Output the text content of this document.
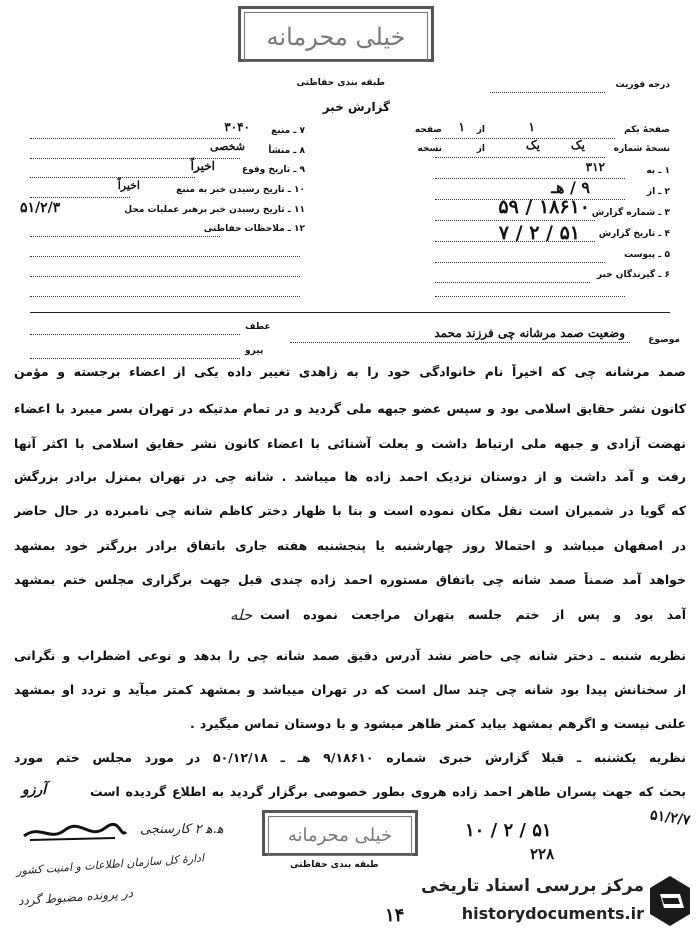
خیلی محرمانه
طبقه بندی حفاظتی
گزارش خبر
درجه فوریت
صفحهٔ یکم
۱
از
۱
صفحه
نسخهٔ شماره
یک
از	یک
نسخه
۱ ـ به
۳۱۲
۲ ـ از
۹ / هـ
۳ ـ شماره گزارش
۱۸۶۱۰ / ۵۹
۴ ـ تاریخ گزارش
۵۱ / ۲ / ۷
۵ ـ پیوست
۶ ـ گیرندگان خبر
۷ ـ منبع
۳۰۴۰
۸ ـ منشأ
شخصی
۹ ـ تاریخ وقوع
اخیراً
۱۰ ـ تاریخ رسیدن خبر به منبع
اخیراً
۱۱ ـ تاریخ رسیدن خبر برهبر عملیات محل
۵۱/۲/۳
۱۲ ـ ملاحظات حفاظتی
موضوع
وضعیت صمد مرشانه چی فرزند محمد
عطف
پیرو
صمد مرشانه چی که اخیراً نام خانوادگی خود را به زاهدی تغییر داده یکی از اعضاء برجسته و مؤمن
کانون نشر حقایق اسلامی بود و سپس عضو جبهه ملی گردید و در تمام مدتیکه در تهران بسر میبرد با اعضاء
نهضت آزادی و جبهه ملی ارتباط داشت و بعلت آشنائی با اعضاء کانون نشر حقایق اسلامی با اکثر آنها
رفت و آمد داشت و از دوستان نزدیک احمد زاده ها میباشد . شانه چی در تهران بمنزل برادر بزرگش
که گویا در شمیران است نقل مکان نموده است و بنا با ظهار دختر کاظم شانه چی نامبرده در حال حاضر
در اصفهان میباشد و احتمالا روز چهارشنبه یا پنجشنبه هفته جاری باتفاق برادر بزرگتر خود بمشهد
خواهد آمد ضمناً صمد شانه چی باتفاق مستوره احمد زاده چندی قبل جهت برگزاری مجلس ختم بمشهد
آمد بود و پس از ختم جلسه بتهران مراجعت نموده است
حله
نظریه شنبه ـ دختر شانه چی حاضر نشد آدرس دقیق صمد شانه چی را بدهد و نوعی اضطراب و نگرانی
از سخنانش پیدا بود شانه چی چند سال است که در تهران میباشد و بمشهد کمتر میآید و تردد او بمشهد
علنی نیست و اگرهم بمشهد بیاید کمتر ظاهر میشود و با دوستان تماس میگیرد .
نظریه یکشنبه ـ قبلا گزارش خبری شماره ۹/۱۸۶۱۰ هـ ـ ۵۰/۱۲/۱۸ در مورد مجلس ختم مورد
بحث که جهت پسران طاهر احمد زاده هروی بطور خصوصی برگزار گردید به اطلاع گردیده است
آرزو
ه‍.ه‍ ۲ کارسنجی
ادارهٔ کل سازمان اطلاعات و امنیت کشور
در پرونده مضبوط گردد
۵۱ / ۲ / ۱۰
۲۲۸
۵۱/۲/۷
خیلی محرمانه
طبقه بندی حفاظتی
۱۴
مرکز بررسی اسناد تاریخی
historydocuments.ir
